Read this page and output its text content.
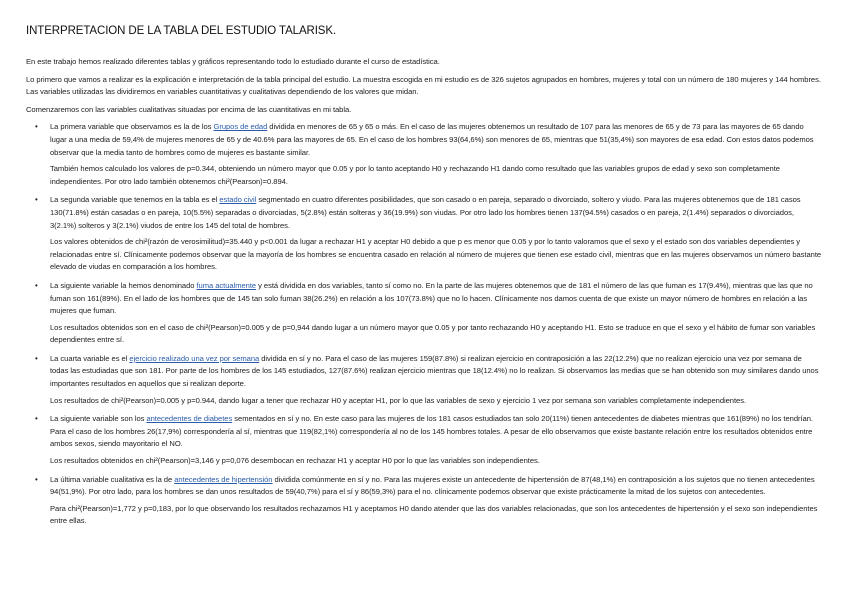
INTERPRETACION DE LA TABLA DEL ESTUDIO TALARISK.

En este trabajo hemos realizado diferentes tablas y gráficos representando todo lo estudiado durante el curso de estadística.

Lo primero que vamos a realizar es la explicación e interpretación de la tabla principal del estudio. La muestra escogida en mi estudio es de 326 sujetos agrupados en hombres, mujeres y total con un número de 180 mujeres y 144 hombres. Las variables utilizadas las dividiremos en variables cuantitativas y cualitativas dependiendo de los valores que midan.

Comenzaremos con las variables cualitativas situadas por encima de las cuantitativas en mi tabla.

• La primera variable que observamos es la de los Grupos de edad dividida en menores de 65 y 65 o más. En el caso de las mujeres obtenemos un resultado de 107 para las menores de 65 y de 73 para las mayores de 65 dando lugar a una media de 59,4% de mujeres menores de 65 y de 40.6% para las mayores de 65. En el caso de los hombres 93(64,6%) son menores de 65, mientras que 51(35,4%) son mayores de esa edad. Con estos datos podemos observar que la media tanto de hombres como de mujeres es bastante similar.

También hemos calculado los valores de p=0.344, obteniendo un número mayor que 0.05 y por lo tanto aceptando H0 y rechazando H1 dando como resultado que las variables grupos de edad y sexo son completamente independientes. Por otro lado también obtenemos chi²(Pearson)=0.894.

• La segunda variable que tenemos en la tabla es el estado civil segmentado en cuatro diferentes posibilidades, que son casado o en pareja, separado o divorciado, soltero y viudo. Para las mujeres obtenemos que de 181 casos 130(71.8%) están casadas o en pareja, 10(5.5%) separadas o divorciadas, 5(2.8%) están solteras y 36(19.9%) son viudas. Por otro lado los hombres tienen 137(94.5%) casados o en pareja, 2(1.4%) separados o divorciados, 3(2.1%) solteros y 3(2.1%) viudos de entre los 145 del total de hombres.

Los valores obtenidos de chi²(razón de verosimilitud)=35.440 y p<0.001 da lugar a rechazar H1 y aceptar H0 debido a que p es menor que 0.05 y por lo tanto valoramos que el sexo y el estado son dos variables dependientes y relacionadas entre sí. Clínicamente podemos observar que la mayoría de los hombres se encuentra casado en relación al número de mujeres que tienen ese estado civil, mientras que en las mujeres observamos un número bastante elevado de viudas en comparación a los hombres.

• La siguiente variable la hemos denominado fuma actualmente y está dividida en dos variables, tanto sí como no. En la parte de las mujeres obtenemos que de 181 el número de las que fuman es 17(9.4%), mientras que las que no fuman son 161(89%). En el lado de los hombres que de 145 tan solo fuman 38(26.2%) en relación a los 107(73.8%) que no lo hacen. Clínicamente nos damos cuenta de que existe un mayor número de hombres en relación a las mujeres que fuman.

Los resultados obtenidos son en el caso de chi²(Pearson)=0.005 y de p=0,944 dando lugar a un número mayor que 0.05 y por tanto rechazando H0 y aceptando H1. Esto se traduce en que el sexo y el hábito de fumar son variables dependientes entre sí.

• La cuarta variable es el ejercicio realizado una vez por semana dividida en sí y no. Para el caso de las mujeres 159(87.8%) si realizan ejercicio en contraposición a las 22(12.2%) que no realizan ejercicio una vez por semana de todas las estudiadas que son 181. Por parte de los hombres de los 145 estudiados, 127(87.6%) realizan ejercicio mientras que 18(12.4%) no lo realizan. Si observamos las medias que se han obtenido son muy similares dando unos importantes resultados en aquellos que si realizan deporte.

Los resultados de chi²(Pearson)=0.005 y p=0.944, dando lugar a tener que rechazar H0 y aceptar H1, por lo que las variables de sexo y ejercicio 1 vez por semana son variables completamente independientes.

• La siguiente variable son los antecedentes de diabetes sementados en sí y no. En este caso para las mujeres de los 181 casos estudiados tan solo 20(11%) tienen antecedentes de diabetes mientras que 161(89%) no los tendrían. Para el caso de los hombres 26(17,9%) correspondería al sí, mientras que 119(82,1%) correspondería al no de los 145 hombres totales. A pesar de ello observamos que existe bastante relación entre los resultados obtenidos entre ambos sexos, siendo mayoritario el NO.

Los resultados obtenidos en chi²(Pearson)=3,146 y p=0,076 desembocan en rechazar H1 y aceptar H0 por lo que las variables son independientes.

• La última variable cualitativa es la de antecedentes de hipertensión dividida comúnmente en sí y no. Para las mujeres existe un antecedente de hipertensión de 87(48,1%) en contraposición a los sujetos que no tienen antecedentes 94(51,9%). Por otro lado, para los hombres se dan unos resultados de 59(40,7%) para el sí y 86(59,3%) para el no. clínicamente podemos observar que existe prácticamente la mitad de los sujetos con antecedentes.

Para chi²(Pearson)=1,772 y p=0,183, por lo que observando los resultados rechazamos H1 y aceptamos H0 dando atender que las dos variables relacionadas, que son los antecedentes de hipertensión y el sexo son independientes entre ellas.
